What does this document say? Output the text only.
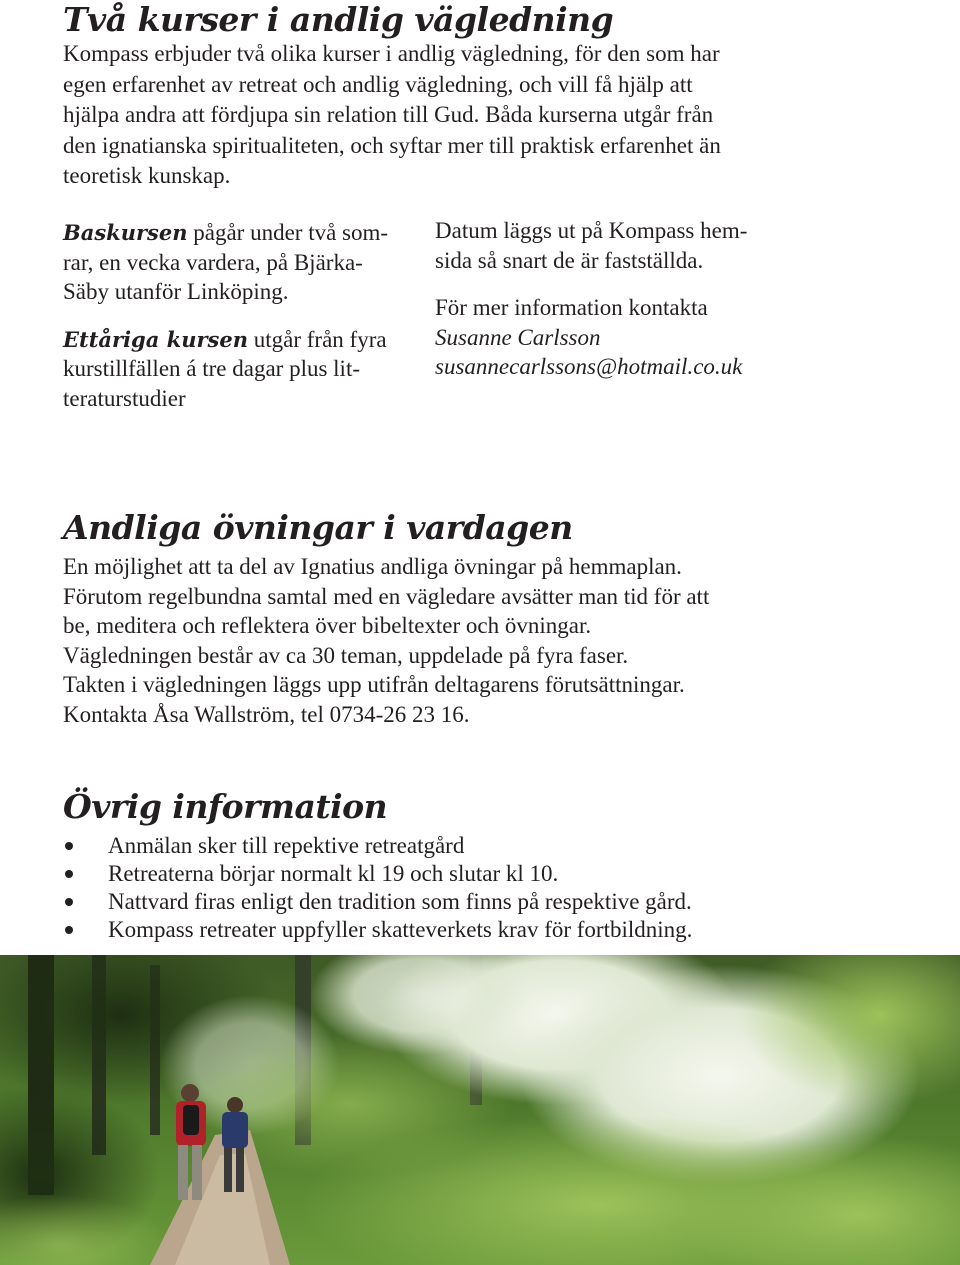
Två kurser i andlig vägledning
Kompass erbjuder två olika kurser i andlig vägledning, för den som har
egen erfarenhet av retreat och andlig vägledning, och vill få hjälp att
hjälpa andra att fördjupa sin relation till Gud. Båda kurserna utgår från
den ignatianska spiritualiteten, och syftar mer till praktisk erfarenhet än
teoretisk kunskap.

Baskursen pågår under två som-
rar, en vecka vardera, på Bjärka-
Säby utanför Linköping.

Ettåriga kursen utgår från fyra
kurstillfällen á tre dagar plus lit-
teraturstudier

Datum läggs ut på Kompass hem-
sida så snart de är fastställda.

För mer information kontakta
Susanne Carlsson
susannecarlssons@hotmail.co.uk

Andliga övningar i vardagen
En möjlighet att ta del av Ignatius andliga övningar på hemmaplan.
Förutom regelbundna samtal med en vägledare avsätter man tid för att
be, meditera och reflektera över bibeltexter och övningar.
Vägledningen består av ca 30 teman, uppdelade på fyra faser.
Takten i vägledningen läggs upp utifrån deltagarens förutsättningar.
Kontakta Åsa Wallström, tel 0734-26 23 16.
Övrig information
Anmälan sker till repektive retreatgård
Retreaterna börjar normalt kl 19 och slutar kl 10.
Nattvard firas enligt den tradition som finns på respektive gård.
Kompass retreater uppfyller skatteverkets krav för fortbildning.
